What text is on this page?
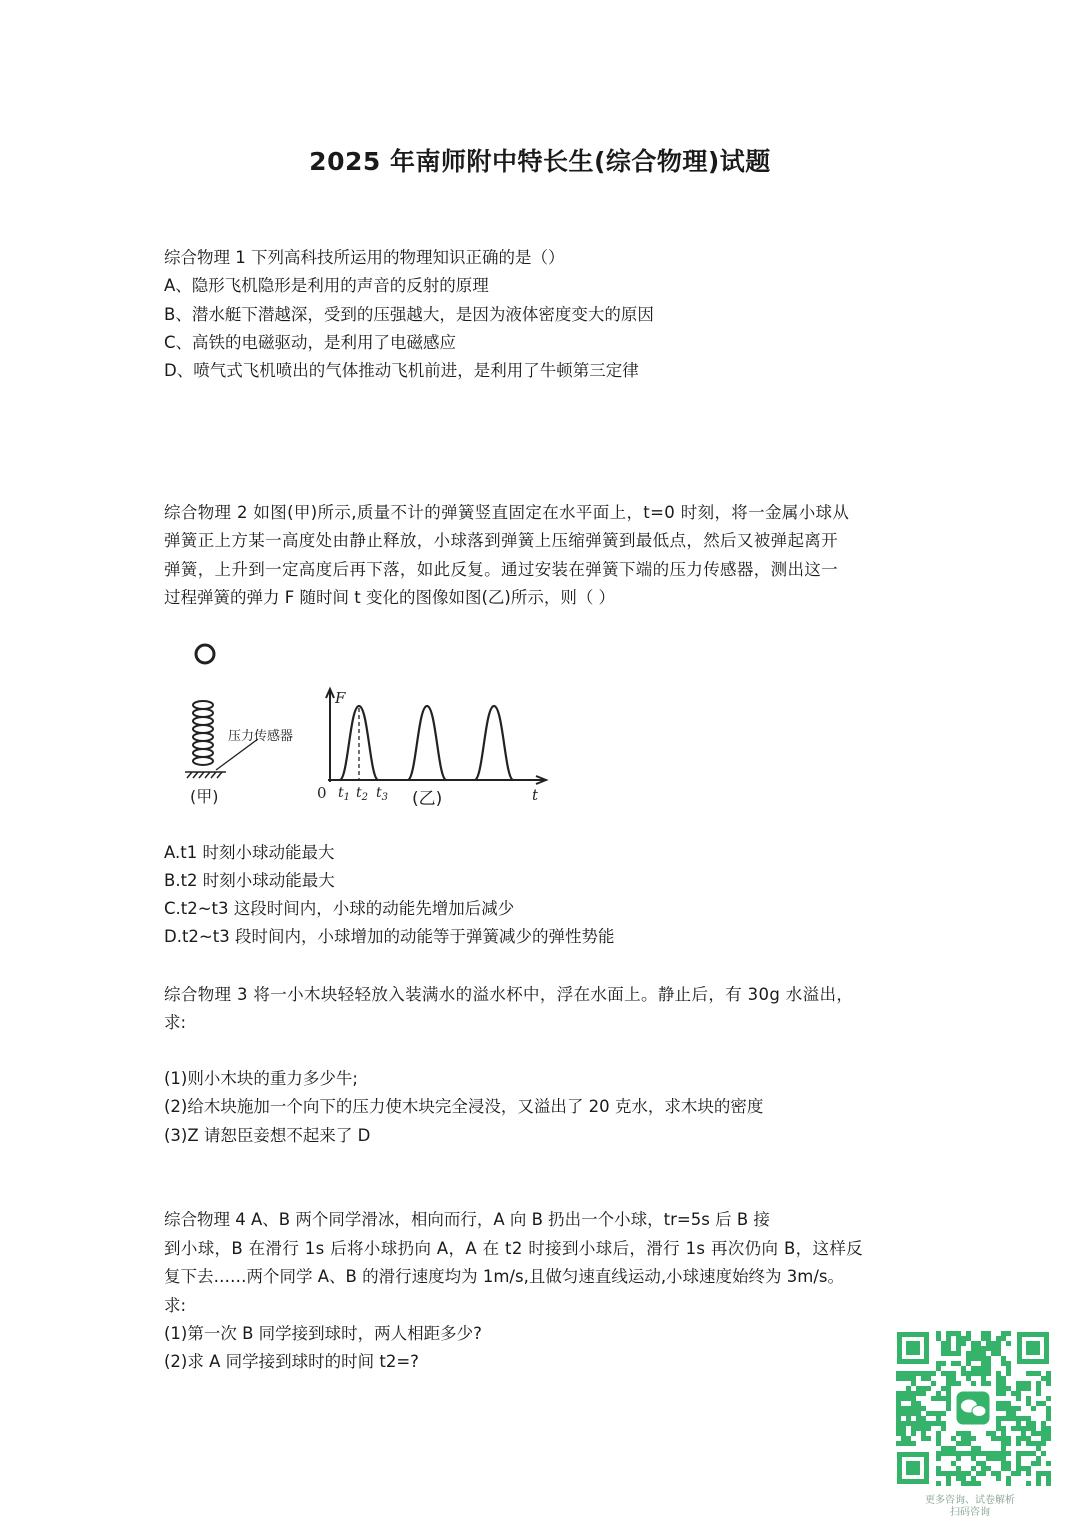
2025 年南师附中特长生(综合物理)试题
综合物理 1 下列高科技所运用的物理知识正确的是（）
A、隐形飞机隐形是利用的声音的反射的原理
B、潜水艇下潜越深，受到的压强越大，是因为液体密度变大的原因
C、高铁的电磁驱动，是利用了电磁感应
D、喷气式飞机喷出的气体推动飞机前进，是利用了牛顿第三定律
综合物理 2 如图(甲)所示,质量不计的弹簧竖直固定在水平面上，t=0 时刻，将一金属小球从
弹簧正上方某一高度处由静止释放，小球落到弹簧上压缩弹簧到最低点，然后又被弹起离开
弹簧，上升到一定高度后再下落，如此反复。通过安装在弹簧下端的压力传感器，测出这一
过程弹簧的弹力 F 随时间 t 变化的图像如图(乙)所示，则（ ）
压力传感器
(甲)
F
t
0 $t_1$ $t_2$ $t_3$ (乙)
A.t1 时刻小球动能最大
B.t2 时刻小球动能最大
C.t2~t3 这段时间内，小球的动能先增加后减少
D.t2~t3 段时间内，小球增加的动能等于弹簧减少的弹性势能
综合物理 3 将一小木块轻轻放入装满水的溢水杯中，浮在水面上。静止后，有 30g 水溢出，
求:
(1)则小木块的重力多少牛;
(2)给木块施加一个向下的压力使木块完全浸没，又溢出了 20 克水，求木块的密度
(3)Z 请恕臣妾想不起来了 D
综合物理 4 A、B 两个同学滑冰，相向而行，A 向 B 扔出一个小球，tr=5s 后 B 接
到小球，B 在滑行 1s 后将小球扔向 A，A 在 t2 时接到小球后，滑行 1s 再次仍向 B，这样反
复下去……两个同学 A、B 的滑行速度均为 1m/s,且做匀速直线运动,小球速度始终为 3m/s。
求:
(1)第一次 B 同学接到球时，两人相距多少?
(2)求 A 同学接到球时的时间 t2=?
更多咨询、试卷解析
扫码咨询
